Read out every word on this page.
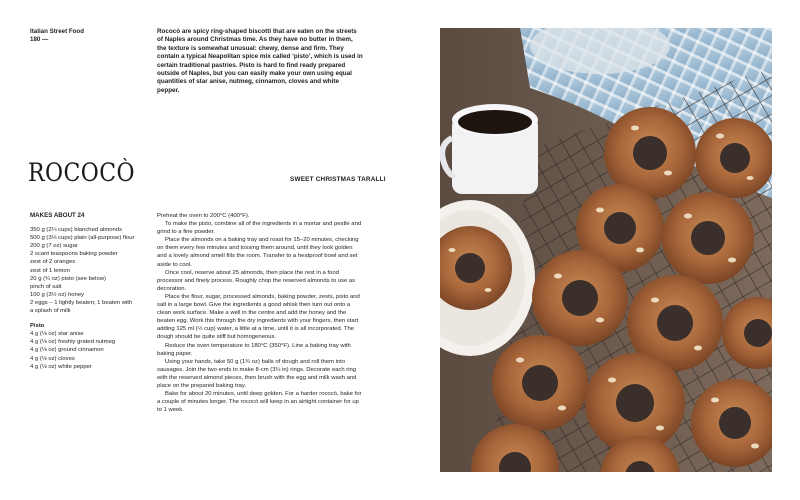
Italian Street Food
180 —
Rococò are spicy ring-shaped biscotti that are eaten on the streets of Naples around Christmas time. As they have no butter in them, the texture is somewhat unusual: chewy, dense and firm. They contain a typical Neapolitan spice mix called ‘pisto’, which is used in certain traditional pastries. Pisto is hard to find ready prepared outside of Naples, but you can easily make your own using equal quantities of star anise, nutmeg, cinnamon, cloves and white pepper.
ROCOCÒ	SWEET CHRISTMAS TARALLI
MAKES ABOUT 24
350 g (2¼ cups) blanched almonds
500 g (3⅓ cups) plain (all-purpose) flour
200 g (7 oz) sugar
2 scant teaspoons baking powder
zest of 2 oranges
zest of 1 lemon
20 g (¾ oz) pisto (see below)
pinch of salt
100 g (3½ oz) honey
2 eggs – 1 lightly beaten; 1 beaten with
a splash of milk
Pisto
4 g (⅛ oz) star anise
4 g (⅛ oz) freshly grated nutmeg
4 g (⅛ oz) ground cinnamon
4 g (⅛ oz) cloves
4 g (⅛ oz) white pepper

Preheat the oven to 200°C (400°F).

To make the pisto, combine all of the ingredients in a mortar and pestle and grind to a fine powder.

Place the almonds on a baking tray and roast for 15–20 minutes, checking on them every few minutes and tossing them around, until they look golden and a lovely almond smell fills the room. Transfer to a heatproof bowl and set aside to cool.

Once cool, reserve about 25 almonds, then place the rest in a food processor and finely process. Roughly chop the reserved almonds to use as decoration.

Place the flour, sugar, processed almonds, baking powder, zests, pisto and salt in a large bowl. Give the ingredients a good whisk then turn out onto a clean work surface. Make a well in the centre and add the honey and the beaten egg. Work this through the dry ingredients with your fingers, then start adding 125 ml (½ cup) water, a little at a time, until it is all incorporated. The dough should be quite stiff but homogeneous.

Reduce the oven temperature to 180°C (350°F). Line a baking tray with baking paper.

Using your hands, take 50 g (1¾ oz) balls of dough and roll them into sausages. Join the two ends to make 8-cm (3¼ in) rings. Decorate each ring with the reserved almond pieces, then brush with the egg and milk wash and place on the prepared baking tray.

Bake for about 20 minutes, until deep golden. For a harder rococò, bake for a couple of minutes longer. The rococò will keep in an airtight container for up to 1 week.
